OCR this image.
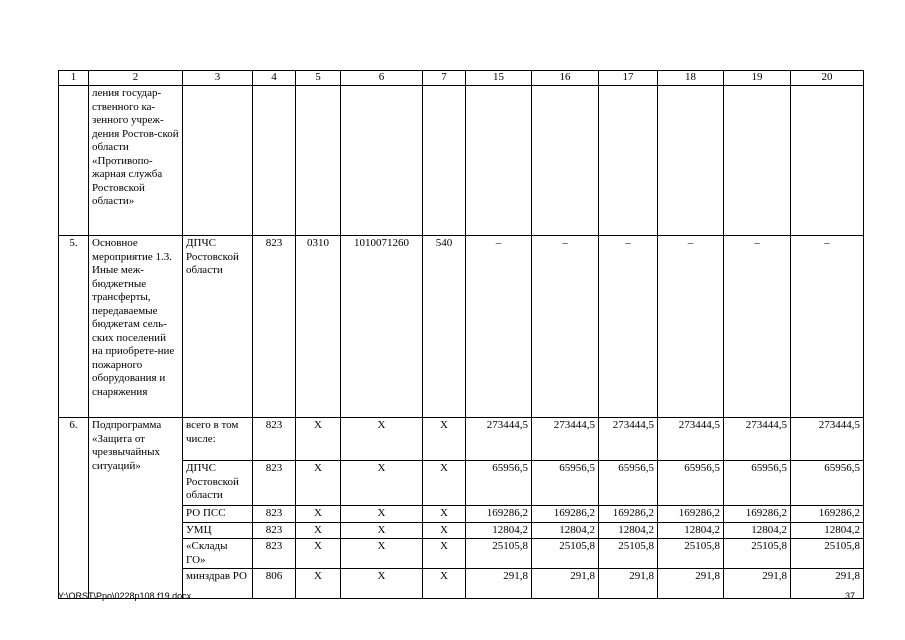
1	2	3	4	5	6	7	15	16	17	18	19	20
	ления государ-ственного ка-зенного учреж-дения Ростов-ской области «Противопо-жарная служба Ростовской области»											
5.	Основное мероприятие 1.3. Иные меж-бюджетные трансферты, передаваемые бюджетам сель-ских поселений на приобрете-ние пожарного оборудования и снаряжения	ДПЧС Ростовской области	823	0310	1010071260	540	–	–	–	–	–	–
6.	Подпрограмма «Защита от чрезвычайных ситуаций»	всего в том числе:	823	Х	Х	Х	273444,5	273444,5	273444,5	273444,5	273444,5	273444,5
		ДПЧС Ростовской области	823	Х	Х	Х	65956,5	65956,5	65956,5	65956,5	65956,5	65956,5
		РО ПСС	823	Х	Х	Х	169286,2	169286,2	169286,2	169286,2	169286,2	169286,2
		УМЦ	823	Х	Х	Х	12804,2	12804,2	12804,2	12804,2	12804,2	12804,2
		«Склады ГО»	823	Х	Х	Х	25105,8	25105,8	25105,8	25105,8	25105,8	25105,8
		минздрав РО	806	Х	Х	Х	291,8	291,8	291,8	291,8	291,8	291,8
Y:\ORST\Ppo\0228p108.f19.docx	37
